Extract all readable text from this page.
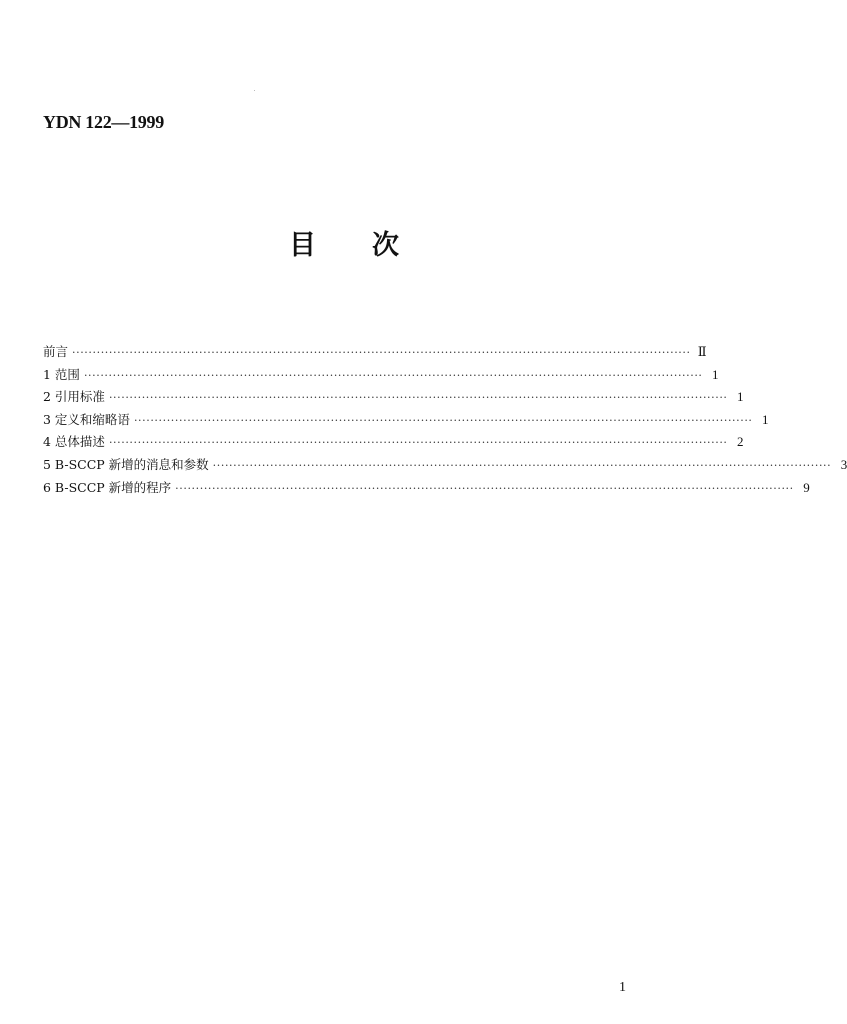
YDN 122—1999
目 次
前言 ······················································································································································· Ⅱ
1 范围 ······················································································································································· 1
2 引用标准 ······················································································································································· 1
3 定义和缩略语 ······················································································································································· 1
4 总体描述 ······················································································································································· 2
5 B-SCCP 新增的消息和参数 ······················································································································································· 3
6 B-SCCP 新增的程序 ······················································································································································· 9
1
